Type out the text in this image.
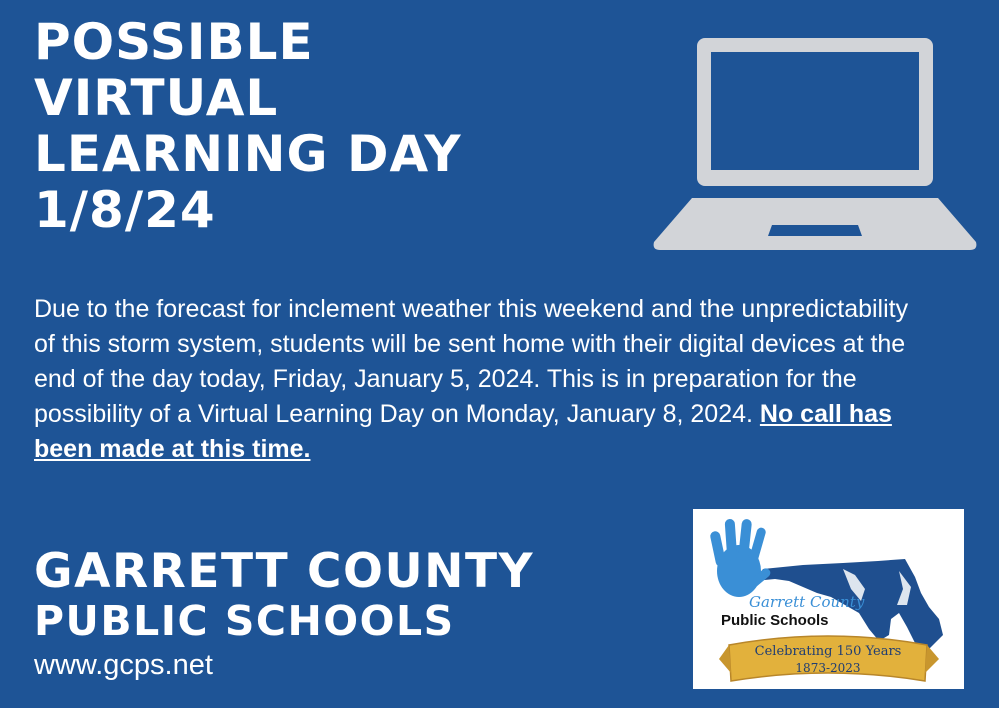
POSSIBLE
VIRTUAL
LEARNING DAY
1/8/24

Due to the forecast for inclement weather this weekend and the unpredictability of this storm system, students will be sent home with their digital devices at the end of the day today, Friday, January 5, 2024. This is in preparation for the possibility of a Virtual Learning Day on Monday, January 8, 2024. No call has been made at this time.

GARRETT COUNTY
PUBLIC SCHOOLS
www.gcps.net
Garrett County
Public Schools
Celebrating 150 Years
1873-2023
